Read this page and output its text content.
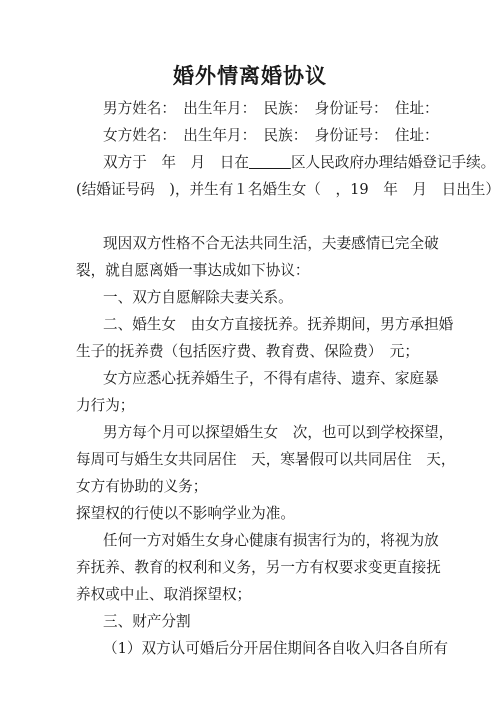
婚外情离婚协议
男方姓名：　出生年月：　民族：　身份证号：　住址：
女方姓名：　出生年月：　民族：　身份证号：　住址：
双方于　年　月　日在	区人民政府办理结婚登记手续。
(结婚证号码　)，并生有１名婚生女（　，19　年　月　日出生）
现因双方性格不合无法共同生活，夫妻感情已完全破
裂，就自愿离婚一事达成如下协议：
一、双方自愿解除夫妻关系。
二、婚生女　由女方直接抚养。抚养期间，男方承担婚
生子的抚养费（包括医疗费、教育费、保险费）　元；
女方应悉心抚养婚生子，不得有虐待、遗弃、家庭暴
力行为；
男方每个月可以探望婚生女　次，也可以到学校探望，
每周可与婚生女共同居住　天，寒暑假可以共同居住　天，
女方有协助的义务；
探望权的行使以不影响学业为准。
任何一方对婚生女身心健康有损害行为的，将视为放
弃抚养、教育的权利和义务，另一方有权要求变更直接抚
养权或中止、取消探望权；
三、财产分割
（1）双方认可婚后分开居住期间各自收入归各自所有
